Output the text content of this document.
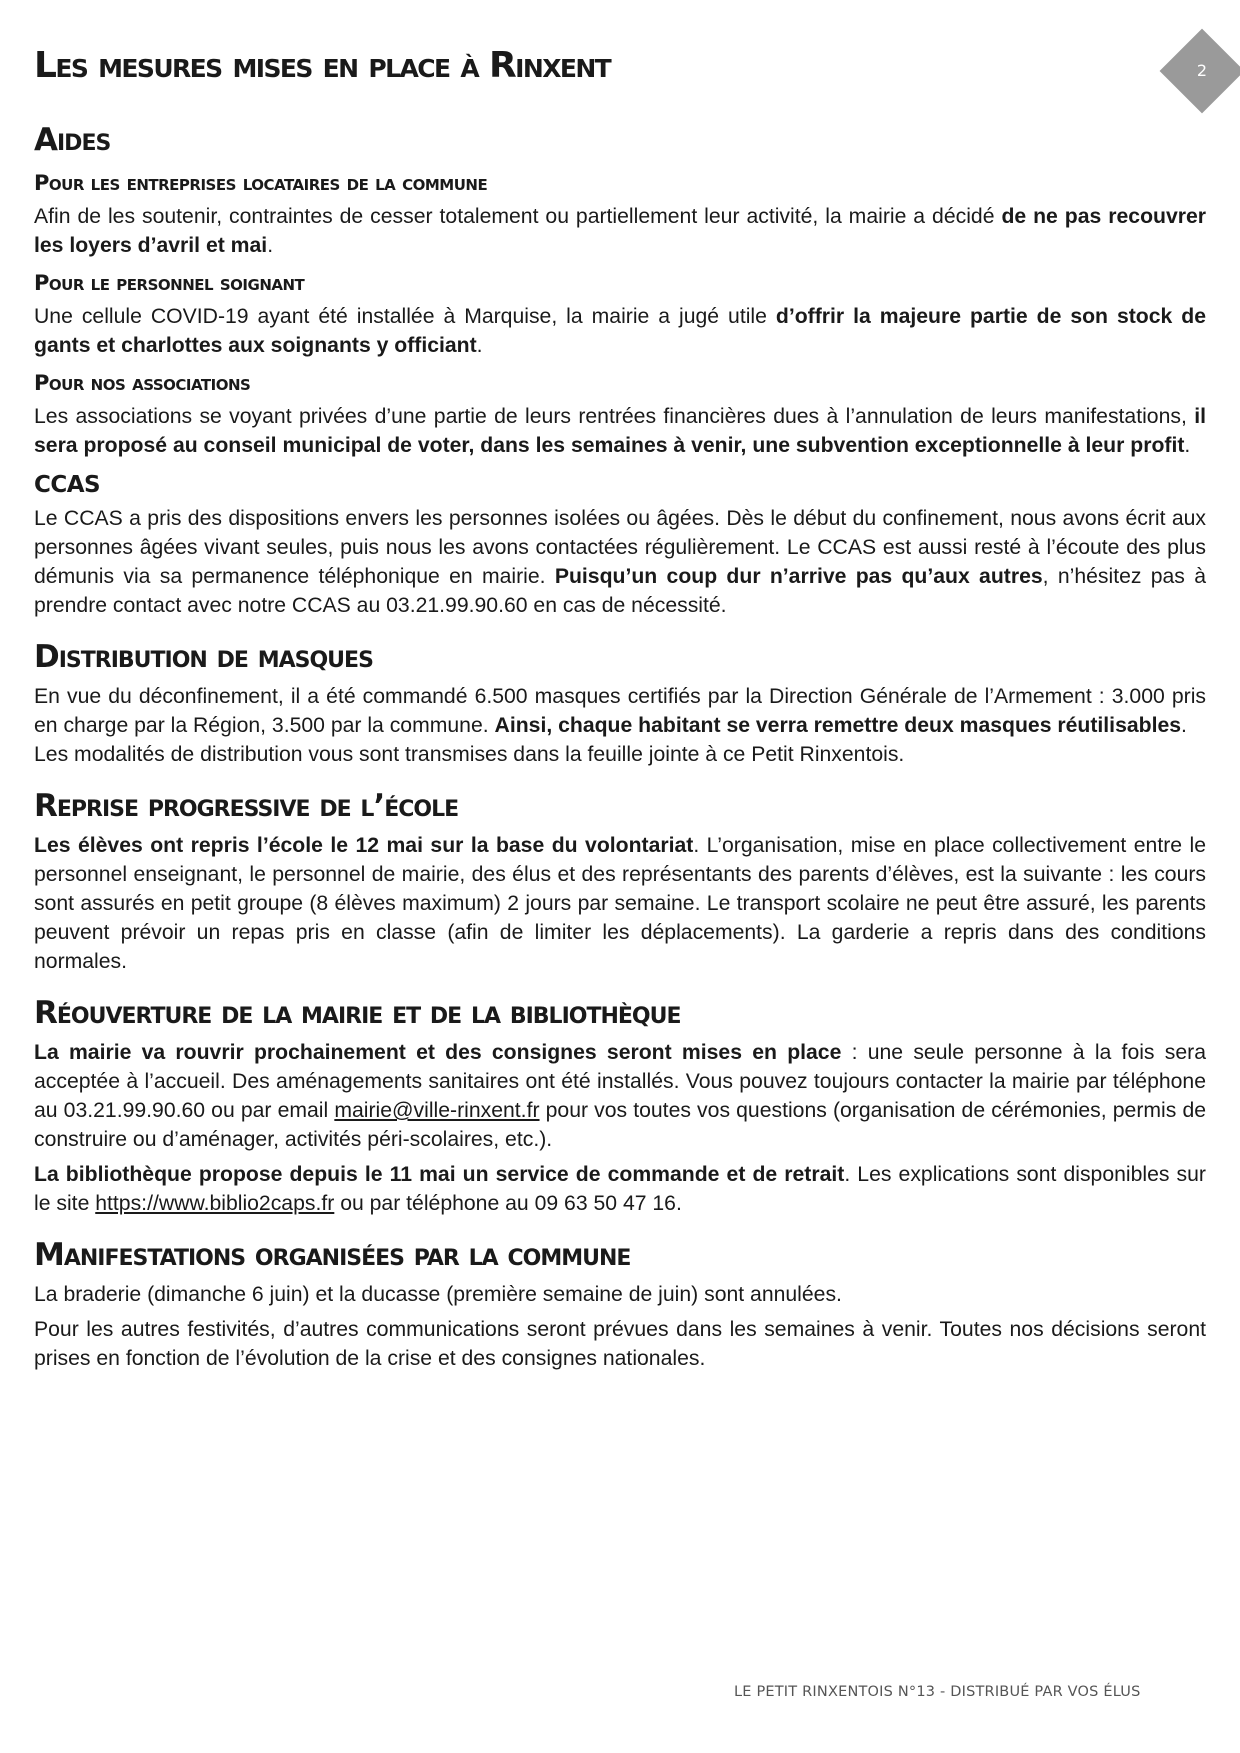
Les mesures mises en place à Rinxent	2
Aides
Pour les entreprises locataires de la commune

Afin de les soutenir, contraintes de cesser totalement ou partiellement leur activité, la mairie a décidé de ne pas recouvrer les loyers d’avril et mai.

Pour le personnel soignant

Une cellule COVID-19 ayant été installée à Marquise, la mairie a jugé utile d’offrir la majeure partie de son stock de gants et charlottes aux soignants y officiant.

Pour nos associations

Les associations se voyant privées d’une partie de leurs rentrées financières dues à l’annulation de leurs manifestations, il sera proposé au conseil municipal de voter, dans les semaines à venir, une subvention exceptionnelle à leur profit.

CCAS

Le CCAS a pris des dispositions envers les personnes isolées ou âgées. Dès le début du confinement, nous avons écrit aux personnes âgées vivant seules, puis nous les avons contactées régulièrement. Le CCAS est aussi resté à l’écoute des plus démunis via sa permanence téléphonique en mairie. Puisqu’un coup dur n’arrive pas qu’aux autres, n’hésitez pas à prendre contact avec notre CCAS au 03.21.99.90.60 en cas de nécessité.

Distribution de masques

En vue du déconfinement, il a été commandé 6.500 masques certifiés par la Direction Générale de l’Armement : 3.000 pris en charge par la Région, 3.500 par la commune. Ainsi, chaque habitant se verra remettre deux masques réutilisables.

Les modalités de distribution vous sont transmises dans la feuille jointe à ce Petit Rinxentois.

Reprise progressive de l’école

Les élèves ont repris l’école le 12 mai sur la base du volontariat. L’organisation, mise en place collectivement entre le personnel enseignant, le personnel de mairie, des élus et des représentants des parents d’élèves, est la suivante : les cours sont assurés en petit groupe (8 élèves maximum) 2 jours par semaine. Le transport scolaire ne peut être assuré, les parents peuvent prévoir un repas pris en classe (afin de limiter les déplacements). La garderie a repris dans des conditions normales.

Réouverture de la mairie et de la bibliothèque

La mairie va rouvrir prochainement et des consignes seront mises en place : une seule personne à la fois sera acceptée à l’accueil. Des aménagements sanitaires ont été installés. Vous pouvez toujours contacter la mairie par téléphone au 03.21.99.90.60 ou par email mairie@ville-rinxent.fr pour vos toutes vos questions (organisation de cérémonies, permis de construire ou d’aménager, activités péri-scolaires, etc.).

La bibliothèque propose depuis le 11 mai un service de commande et de retrait. Les explications sont disponibles sur le site https://www.biblio2caps.fr ou par téléphone au 09 63 50 47 16.

Manifestations organisées par la commune

La braderie (dimanche 6 juin) et la ducasse (première semaine de juin) sont annulées.

Pour les autres festivités, d’autres communications seront prévues dans les semaines à venir. Toutes nos décisions seront prises en fonction de l’évolution de la crise et des consignes nationales.

LE PETIT RINXENTOIS N°13 - DISTRIBUÉ PAR VOS ÉLUS
